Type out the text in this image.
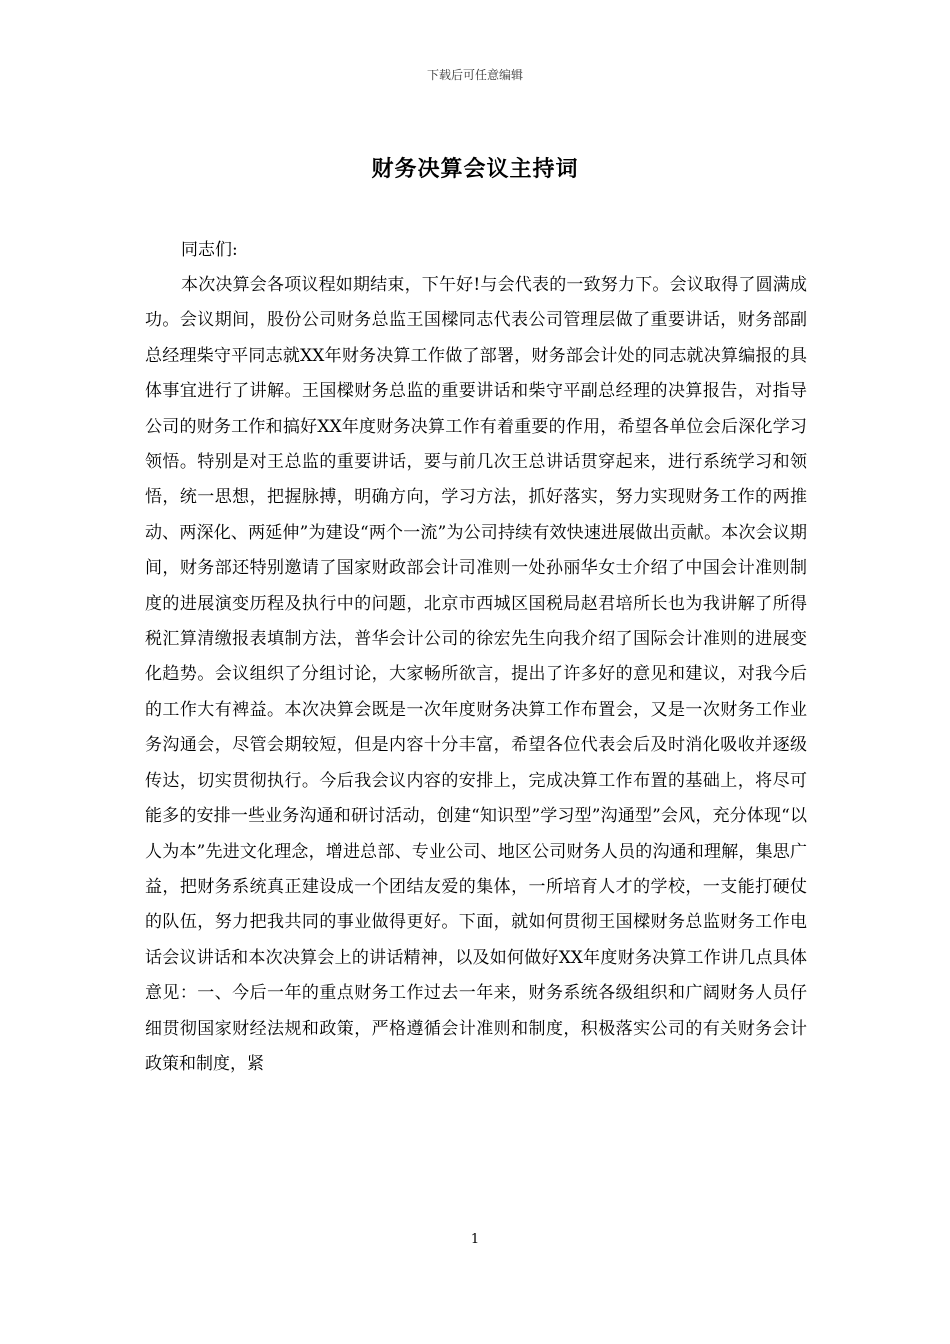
下载后可任意编辑
财务决算会议主持词
同志们:

本次决算会各项议程如期结束，下午好!与会代表的一致努力下。会议取得了圆满成功。会议期间，股份公司财务总监王国樑同志代表公司管理层做了重要讲话，财务部副总经理柴守平同志就XX年财务决算工作做了部署，财务部会计处的同志就决算编报的具体事宜进行了讲解。王国樑财务总监的重要讲话和柴守平副总经理的决算报告，对指导公司的财务工作和搞好XX年度财务决算工作有着重要的作用，希望各单位会后深化学习领悟。特别是对王总监的重要讲话，要与前几次王总讲话贯穿起来，进行系统学习和领悟，统一思想，把握脉搏，明确方向，学习方法，抓好落实，努力实现财务工作的两推动、两深化、两延伸”为建设“两个一流”为公司持续有效快速进展做出贡献。本次会议期间，财务部还特别邀请了国家财政部会计司准则一处孙丽华女士介绍了中国会计准则制度的进展演变历程及执行中的问题，北京市西城区国税局赵君培所长也为我讲解了所得税汇算清缴报表填制方法，普华会计公司的徐宏先生向我介绍了国际会计准则的进展变化趋势。会议组织了分组讨论，大家畅所欲言，提出了许多好的意见和建议，对我今后的工作大有裨益。本次决算会既是一次年度财务决算工作布置会，又是一次财务工作业务沟通会，尽管会期较短，但是内容十分丰富，希望各位代表会后及时消化吸收并逐级传达，切实贯彻执行。今后我会议内容的安排上，完成决算工作布置的基础上，将尽可能多的安排一些业务沟通和研讨活动，创建“知识型”学习型”沟通型”会风，充分体现“以人为本”先进文化理念，增进总部、专业公司、地区公司财务人员的沟通和理解，集思广益，把财务系统真正建设成一个团结友爱的集体，一所培育人才的学校，一支能打硬仗的队伍，努力把我共同的事业做得更好。下面，就如何贯彻王国樑财务总监财务工作电话会议讲话和本次决算会上的讲话精神，以及如何做好XX年度财务决算工作讲几点具体意见：一、今后一年的重点财务工作过去一年来，财务系统各级组织和广阔财务人员仔细贯彻国家财经法规和政策，严格遵循会计准则和制度，积极落实公司的有关财务会计政策和制度，紧

1
